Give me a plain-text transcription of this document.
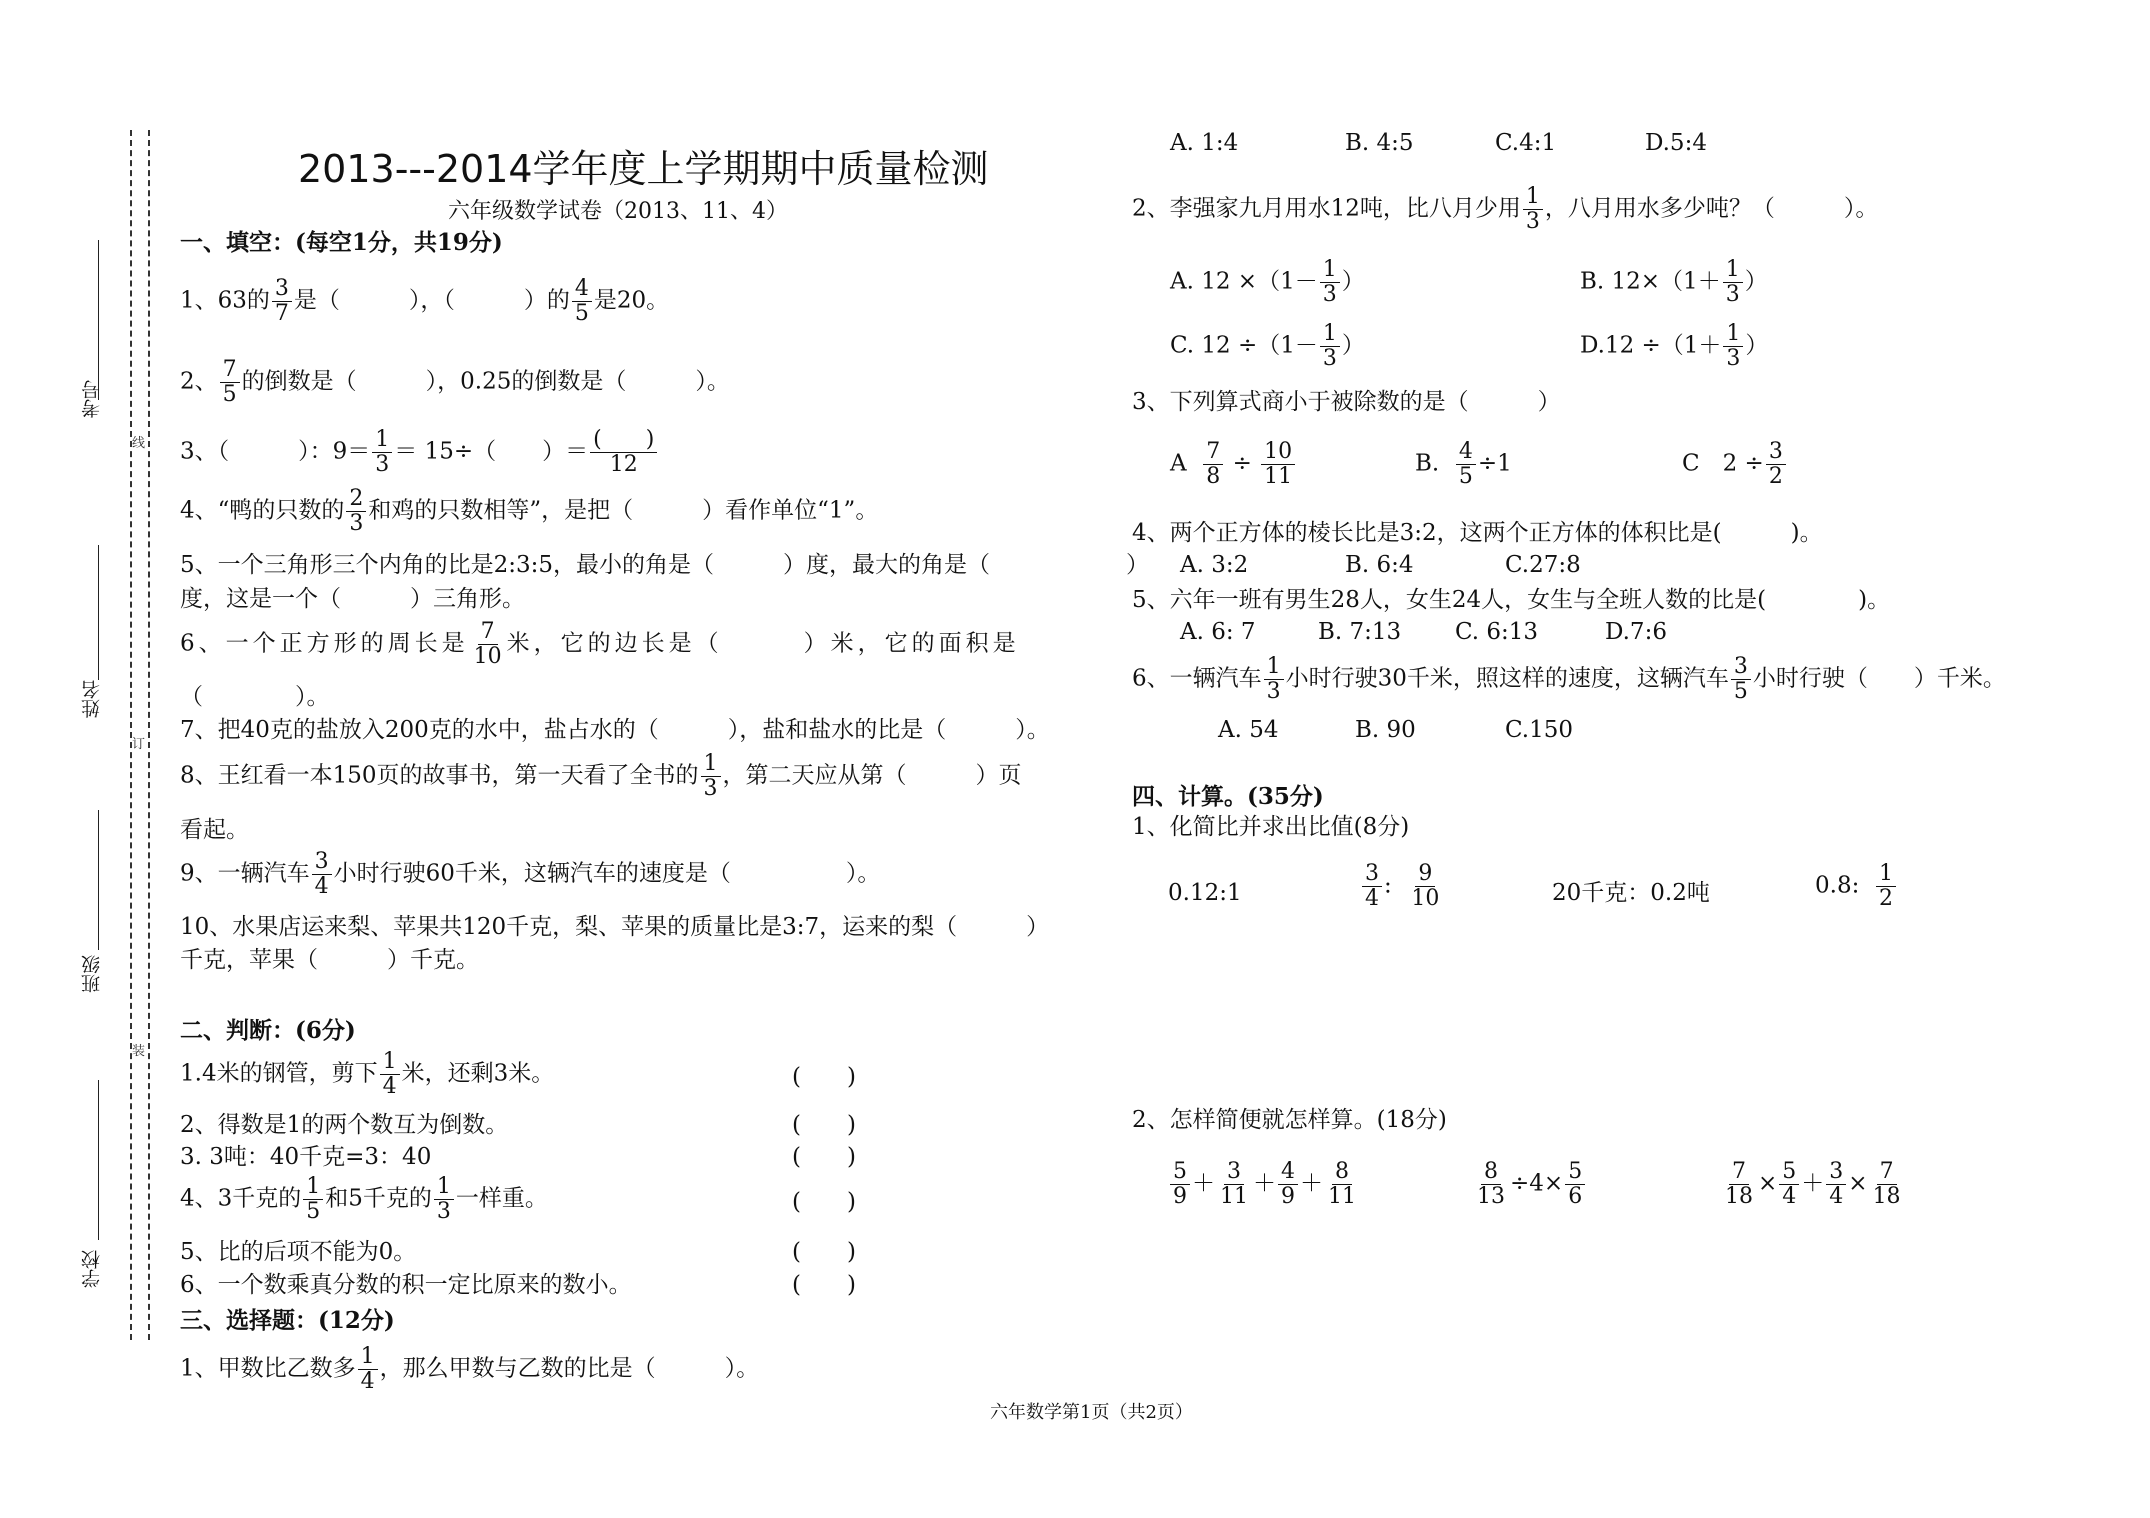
考号
姓名
班级
学校
线
订
装
2013---2014学年度上学期期中质量检测
六年级数学试卷（2013、11、4）
一、填空：(每空1分，共19分)
1、63的 $\frac{3}{7}$ 是（　　　），（　　　）的 $\frac{4}{5}$ 是20。
2、 $\frac{7}{5}$ 的倒数是（　　　），0.25的倒数是（　　　）。
3、（　　　）：$9= \frac{1}{3} = 15\div$（　　）＝ $\frac{( )}{12}$
4、“鸭的只数的 $\frac{2}{3}$ 和鸡的只数相等”，是把（　　　）看作单位“1”。
5、一个三角形三个内角的比是2:3:5，最小的角是（　　　）度，最大的角是（
度，这是一个（　　　）三角形。
6、一个正方形的周长是 $\frac{7}{10}$ 米，它的边长是（　　　）米，它的面积是
（　　　　）。
7、把40克的盐放入200克的水中，盐占水的（　　　），盐和盐水的比是（　　　）。
8、王红看一本150页的故事书，第一天看了全书的 $\frac{1}{3}$ ，第二天应从第（　　　）页
看起。
9、一辆汽车 $\frac{3}{4}$ 小时行驶60千米，这辆汽车的速度是（　　　　　）。
10、水果店运来梨、苹果共120千克，梨、苹果的质量比是3:7，运来的梨（　　　）
千克，苹果（　　　）千克。
二、判断：(6分)
1.4米的钢管，剪下 $\frac{1}{4}$ 米，还剩3米。	(　　)
2、得数是1的两个数互为倒数。	(　　)
3. 3吨：40千克=3：40	(　　)
4、3千克的 $\frac{1}{5}$ 和5千克的 $\frac{1}{3}$ 一样重。	(　　)
5、比的后项不能为0。	(　　)
6、一个数乘真分数的积一定比原来的数小。	(　　)
三、选择题：(12分)
1、甲数比乙数多 $\frac{1}{4}$ ，那么甲数与乙数的比是（　　　）。
A. 1:4	B. 4:5	C.4:1	D.5:4
2、李强家九月用水12吨，比八月少用 $\frac{1}{3}$ ，八月用水多少吨？（　　　）。
A. $12 \times(1- \frac{1}{3}$ ）	B. $12\times(1+ \frac{1}{3}$ ）
C. $12 \div(1- \frac{1}{3}$ ）	$D.12 \div(1+ \frac{1}{3}$ ）
3、下列算式商小于被除数的是（　　　）
A $\frac{7}{8} \div \frac{10}{11}$	B. $\frac{4}{5} \div 1$	C　$2 \div \frac{3}{2}$
4、两个正方体的棱长比是3:2，这两个正方体的体积比是(　　　)。
） A. 3:2	B. 6:4	C.27:8
5、六年一班有男生28人，女生24人，女生与全班人数的比是(　　　　)。
A. 6: 7	B. 7:13 C. 6:13	D.7:6
6、一辆汽车 $\frac{1}{3}$ 小时行驶30千米，照这样的速度，这辆汽车 $\frac{3}{5}$ 小时行驶（　　）千米。
A. 54	B. 90	C.150
四、计算。(35分)
1、化简比并求出比值(8分)
0.12:1	$\frac{3}{4}$ : $\frac{9}{10}$	20千克：0.2吨	0.8: $\frac{1}{2}$
2、怎样简便就怎样算。(18分)
$\frac{5}{9} + \frac{3}{11} + \frac{4}{9} + \frac{8}{11}$	$\frac{8}{13} \div 4\times \frac{5}{6}$	$\frac{7}{18} \times \frac{5}{4} + \frac{3}{4} \times \frac{7}{18}$
六年数学第1页（共2页）
